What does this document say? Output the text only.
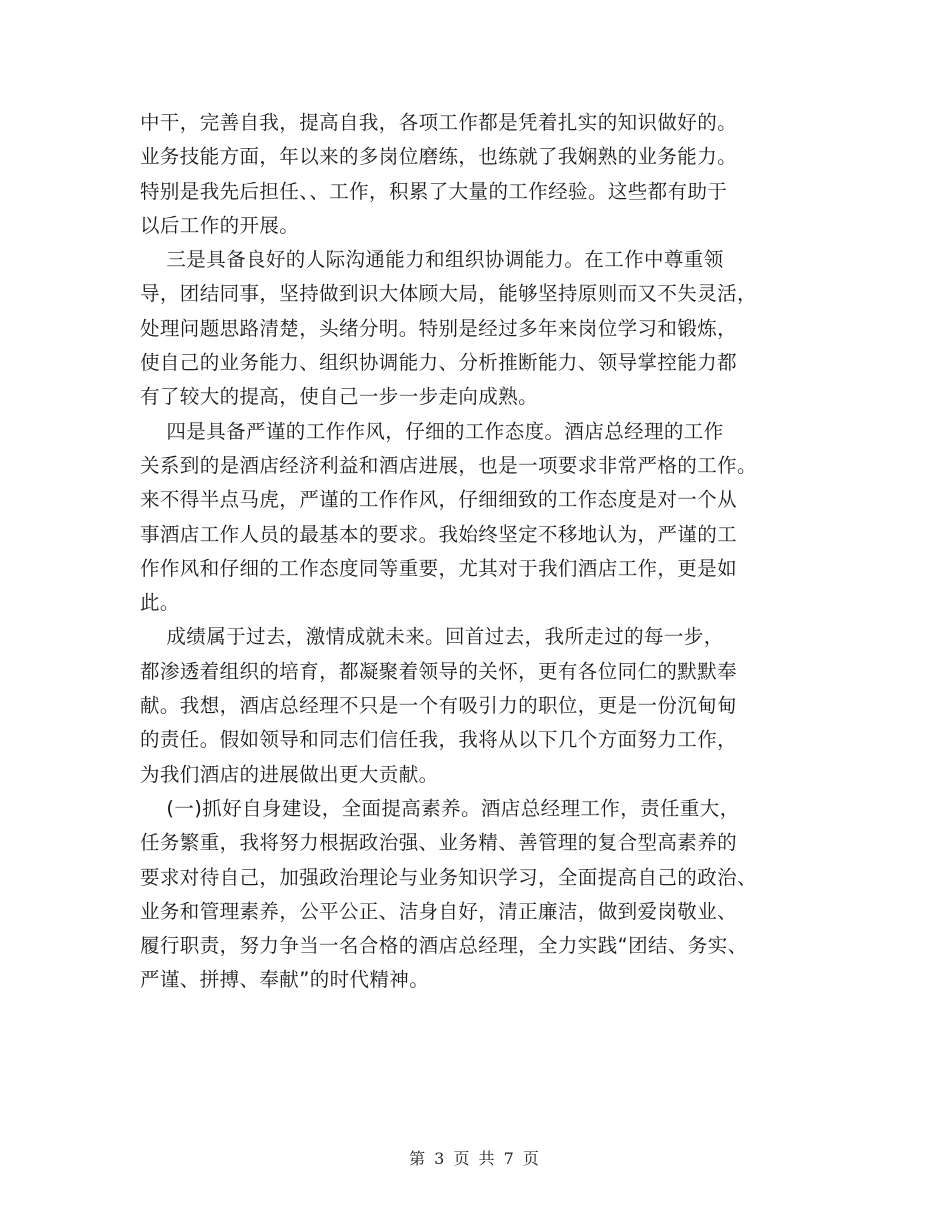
中干，完善自我，提高自我，各项工作都是凭着扎实的知识做好的。
业务技能方面，年以来的多岗位磨练，也练就了我娴熟的业务能力。
特别是我先后担任、、工作，积累了大量的工作经验。这些都有助于
以后工作的开展。
三是具备良好的人际沟通能力和组织协调能力。在工作中尊重领
导，团结同事，坚持做到识大体顾大局，能够坚持原则而又不失灵活，
处理问题思路清楚，头绪分明。特别是经过多年来岗位学习和锻炼，
使自己的业务能力、组织协调能力、分析推断能力、领导掌控能力都
有了较大的提高，使自己一步一步走向成熟。
四是具备严谨的工作作风，仔细的工作态度。酒店总经理的工作
关系到的是酒店经济利益和酒店进展，也是一项要求非常严格的工作。
来不得半点马虎，严谨的工作作风，仔细细致的工作态度是对一个从
事酒店工作人员的最基本的要求。我始终坚定不移地认为，严谨的工
作作风和仔细的工作态度同等重要，尤其对于我们酒店工作，更是如
此。
成绩属于过去，激情成就未来。回首过去，我所走过的每一步，
都渗透着组织的培育，都凝聚着领导的关怀，更有各位同仁的默默奉
献。我想，酒店总经理不只是一个有吸引力的职位，更是一份沉甸甸
的责任。假如领导和同志们信任我，我将从以下几个方面努力工作，
为我们酒店的进展做出更大贡献。
(一)抓好自身建设，全面提高素养。酒店总经理工作，责任重大，
任务繁重，我将努力根据政治强、业务精、善管理的复合型高素养的
要求对待自己，加强政治理论与业务知识学习，全面提高自己的政治、
业务和管理素养，公平公正、洁身自好，清正廉洁，做到爱岗敬业、
履行职责，努力争当一名合格的酒店总经理，全力实践“团结、务实、
严谨、拼搏、奉献”的时代精神。
第 3 页 共 7 页
